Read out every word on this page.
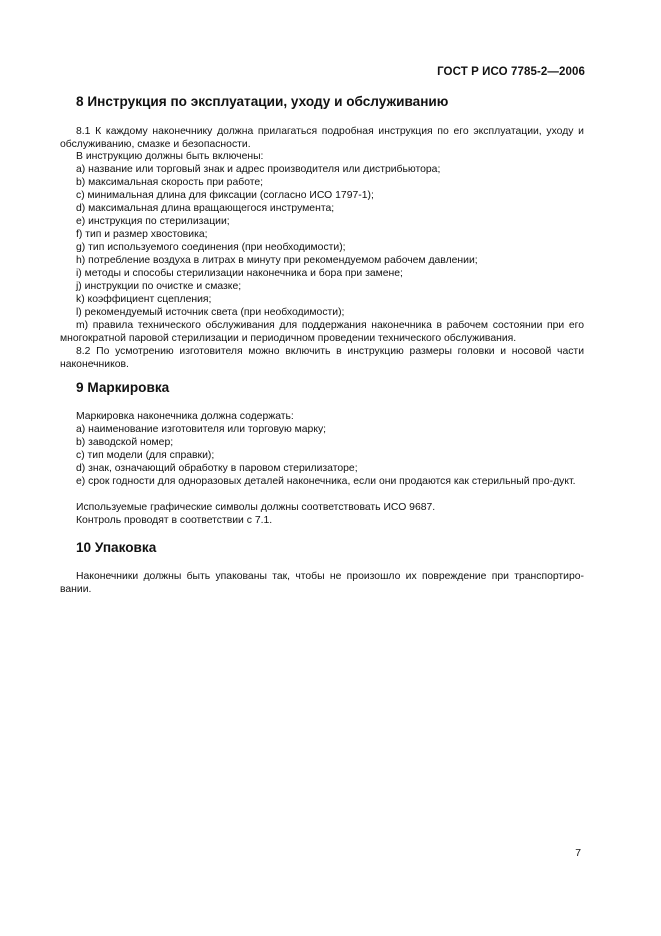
ГОСТ Р ИСО 7785-2—2006
8 Инструкция по эксплуатации, уходу и обслуживанию

8.1 К каждому наконечнику должна прилагаться подробная инструкция по его эксплуатации, уходу и обслуживанию, смазке и безопасности.

В инструкцию должны быть включены:
a) название или торговый знак и адрес производителя или дистрибьютора;
b) максимальная скорость при работе;
c) минимальная длина для фиксации (согласно ИСО 1797-1);
d) максимальная длина вращающегося инструмента;
e) инструкция по стерилизации;
f) тип и размер хвостовика;
g) тип используемого соединения (при необходимости);
h) потребление воздуха в литрах в минуту при рекомендуемом рабочем давлении;
i) методы и способы стерилизации наконечника и бора при замене;
j) инструкции по очистке и смазке;
k) коэффициент сцепления;
l) рекомендуемый источник света (при необходимости);

m) правила технического обслуживания для поддержания наконечника в рабочем состоянии при его многократной паровой стерилизации и периодичном проведении технического обслуживания.

8.2 По усмотрению изготовителя можно включить в инструкцию размеры головки и носовой части наконечников.

9 Маркировка
Маркировка наконечника должна содержать:
a) наименование изготовителя или торговую марку;
b) заводской номер;
c) тип модели (для справки);
d) знак, означающий обработку в паровом стерилизаторе;

e) срок годности для одноразовых деталей наконечника, если они продаются как стерильный про-дукт.

Используемые графические символы должны соответствовать ИСО 9687.
Контроль проводят в соответствии с 7.1.
10 Упаковка

Наконечники должны быть упакованы так, чтобы не произошло их повреждение при транспортиро-вании.

7
